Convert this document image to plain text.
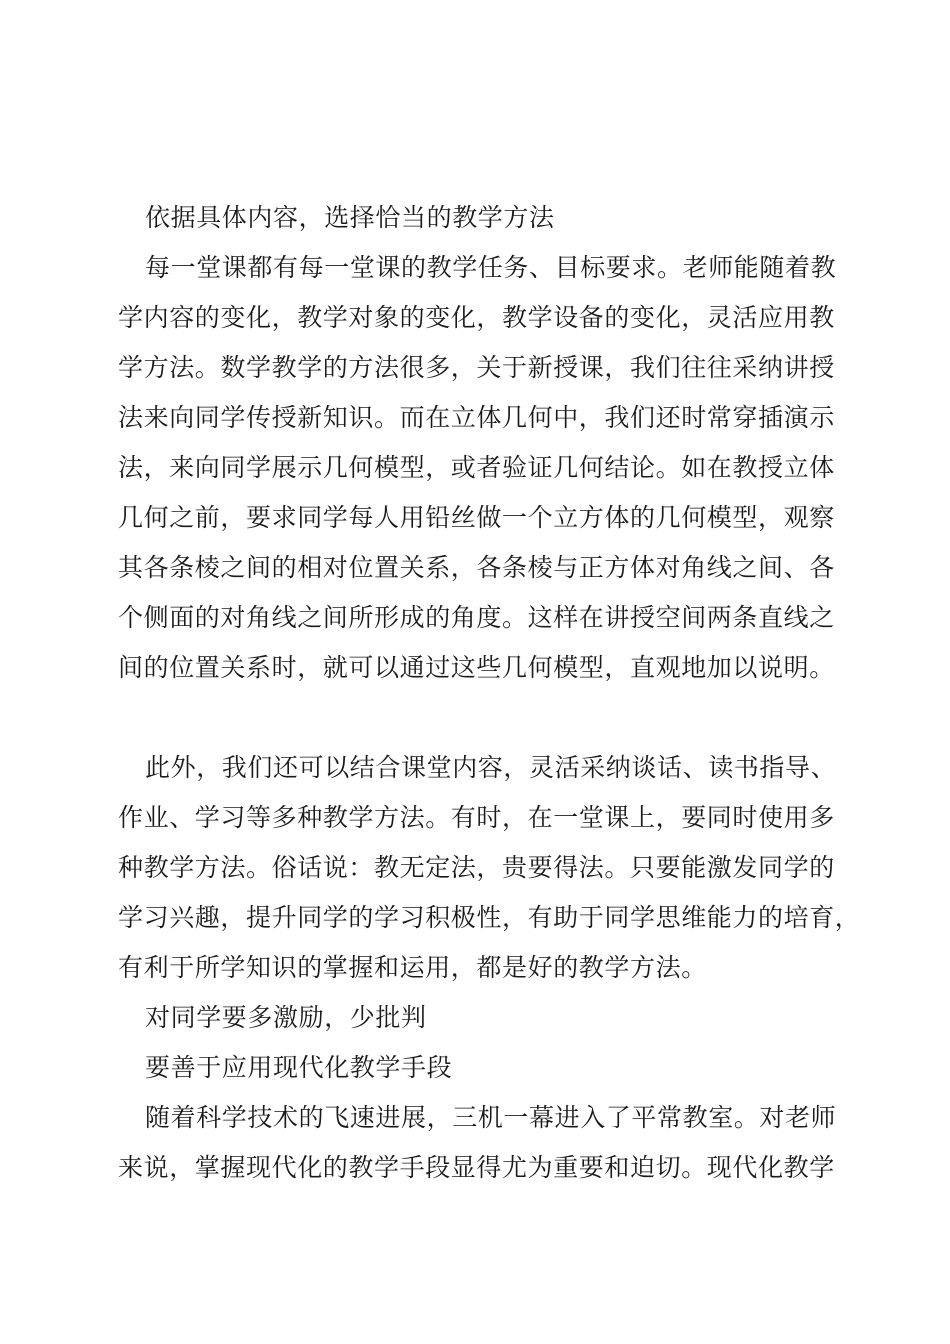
依据具体内容，选择恰当的教学方法
每一堂课都有每一堂课的教学任务、目标要求。老师能随着教
学内容的变化，教学对象的变化，教学设备的变化，灵活应用教
学方法。数学教学的方法很多，关于新授课，我们往往采纳讲授
法来向同学传授新知识。而在立体几何中，我们还时常穿插演示
法，来向同学展示几何模型，或者验证几何结论。如在教授立体
几何之前，要求同学每人用铅丝做一个立方体的几何模型，观察
其各条棱之间的相对位置关系，各条棱与正方体对角线之间、各
个侧面的对角线之间所形成的角度。这样在讲授空间两条直线之
间的位置关系时，就可以通过这些几何模型，直观地加以说明。
此外，我们还可以结合课堂内容，灵活采纳谈话、读书指导、
作业、学习等多种教学方法。有时，在一堂课上，要同时使用多
种教学方法。俗话说：教无定法，贵要得法。只要能激发同学的
学习兴趣，提升同学的学习积极性，有助于同学思维能力的培育，
有利于所学知识的掌握和运用，都是好的教学方法。
对同学要多激励，少批判
要善于应用现代化教学手段
随着科学技术的飞速进展，三机一幕进入了平常教室。对老师
来说，掌握现代化的教学手段显得尤为重要和迫切。现代化教学
